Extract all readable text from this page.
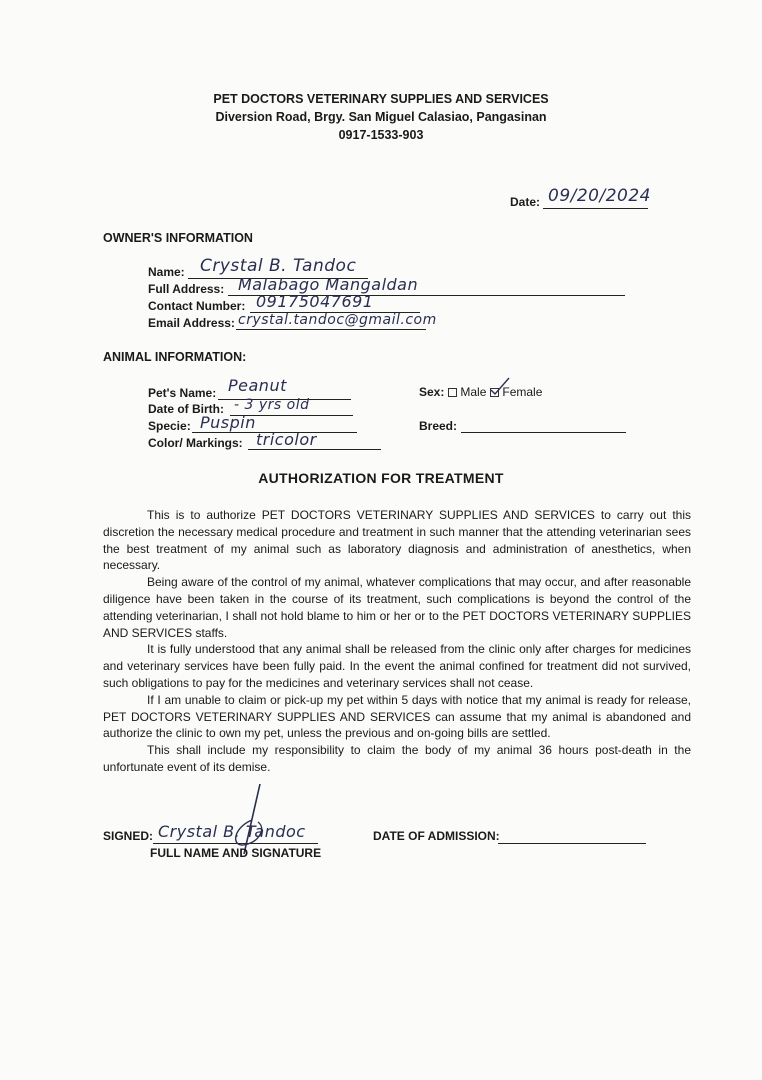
PET DOCTORS VETERINARY SUPPLIES AND SERVICES
Diversion Road, Brgy. San Miguel Calasiao, Pangasinan
0917-1533-903
Date: 09/20/2024
OWNER'S INFORMATION
Name: Crystal B. Tandoc
Full Address: Malabago Mangaldan
Contact Number: 09175047691
Email Address: crystal.tandoc@gmail.com
ANIMAL INFORMATION:
Pet's Name: Peanut
Date of Birth: - 3 yrs old
Specie: Puspin
Color/ Markings: tricolor
Sex: Male Female
Breed:
AUTHORIZATION FOR TREATMENT

This is to authorize PET DOCTORS VETERINARY SUPPLIES AND SERVICES to carry out this discretion the necessary medical procedure and treatment in such manner that the attending veterinarian sees the best treatment of my animal such as laboratory diagnosis and administration of anesthetics, when necessary.

Being aware of the control of my animal, whatever complications that may occur, and after reasonable diligence have been taken in the course of its treatment, such complications is beyond the control of the attending veterinarian, I shall not hold blame to him or her or to the PET DOCTORS VETERINARY SUPPLIES AND SERVICES staffs.

It is fully understood that any animal shall be released from the clinic only after charges for medicines and veterinary services have been fully paid. In the event the animal confined for treatment did not survived, such obligations to pay for the medicines and veterinary services shall not cease.

If I am unable to claim or pick-up my pet within 5 days with notice that my animal is ready for release, PET DOCTORS VETERINARY SUPPLIES AND SERVICES can assume that my animal is abandoned and authorize the clinic to own my pet, unless the previous and on-going bills are settled.

This shall include my responsibility to claim the body of my animal 36 hours post-death in the unfortunate event of its demise.

SIGNED: Crystal B. Tandoc
FULL NAME AND SIGNATURE
DATE OF ADMISSION:
